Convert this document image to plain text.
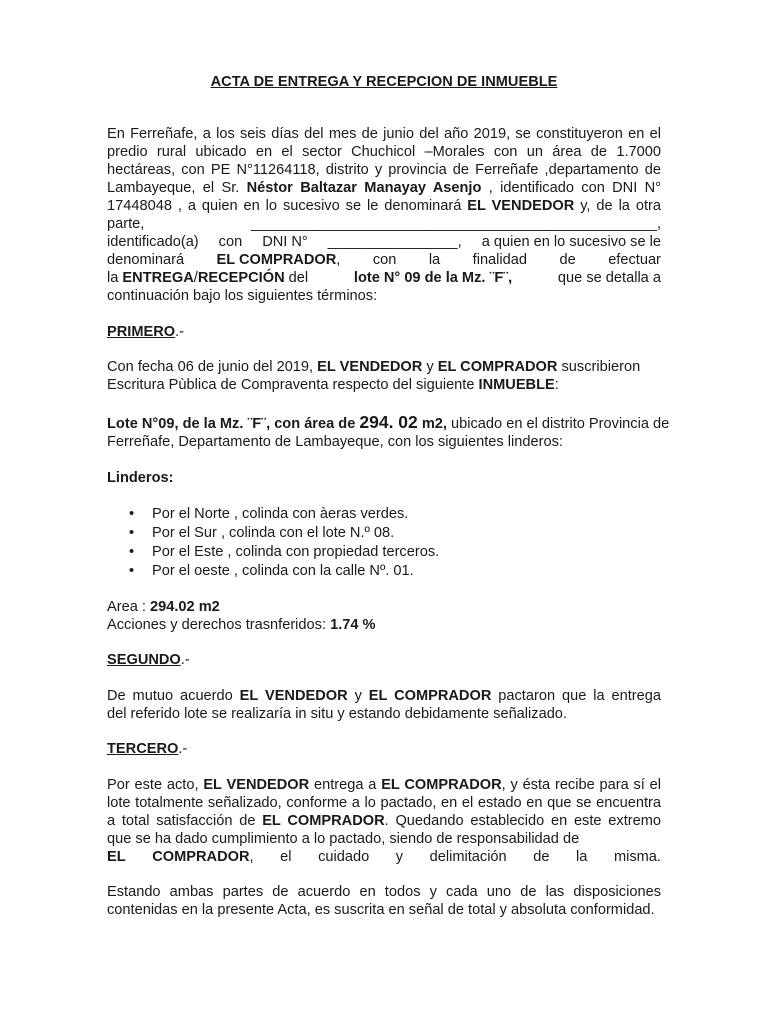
ACTA DE ENTREGA Y RECEPCION DE INMUEBLE
En Ferreñafe, a los seis días del mes de junio del año 2019, se constituyeron en el
predio rural ubicado en el sector Chuchicol –Morales con un área de 1.7000
hectáreas, con PE N°11264118, distrito y provincia de Ferreñafe ,departamento de
Lambayeque, el Sr. Néstor Baltazar Manayay Asenjo , identificado con DNI N°
17448048 , a quien en lo sucesivo se le denominará EL VENDEDOR y, de la otra
parte,	__________________________________________________,
identificado(a) con DNI N° ________________, a quien en lo sucesivo se le
denominará EL COMPRADOR, con la finalidad de efectuar
la ENTREGA/RECEPCIÓN del	lote N° 09 de la Mz. ¨F¨,	que se detalla a
continuación bajo los siguientes términos:
PRIMERO.-
Con fecha 06 de junio del 2019, EL VENDEDOR y EL COMPRADOR suscribieron
Escritura Pùblica de Compraventa respecto del siguiente INMUEBLE:
Lote N°09, de la Mz. ¨F¨, con área de 294. 02 m2, ubicado en el distrito Provincia de
Ferreñafe, Departamento de Lambayeque, con los siguientes linderos:
Linderos:
• Por el Norte , colinda con àeras verdes.
• Por el Sur , colinda con el lote N.º 08.
• Por el Este , colinda con propiedad terceros.
• Por el oeste , colinda con la calle Nº. 01.
Area : 294.02 m2
Acciones y derechos trasnferidos: 1.74 %
SEGUNDO.-
De mutuo acuerdo EL VENDEDOR y EL COMPRADOR pactaron que la entrega
del referido lote se realizaría in situ y estando debidamente señalizado.
TERCERO.-
Por este acto, EL VENDEDOR entrega a EL COMPRADOR, y ésta recibe para sí el lote totalmente señalizado, conforme a lo pactado, en el estado en que se encuentra a total satisfacción de EL COMPRADOR. Quedando establecido en este extremo que se ha dado cumplimiento a lo pactado, siendo de responsabilidad de
EL COMPRADOR, el cuidado y delimitación de la misma.
Estando ambas partes de acuerdo en todos y cada uno de las disposiciones contenidas en la presente Acta, es suscrita en señal de total y absoluta conformidad.
